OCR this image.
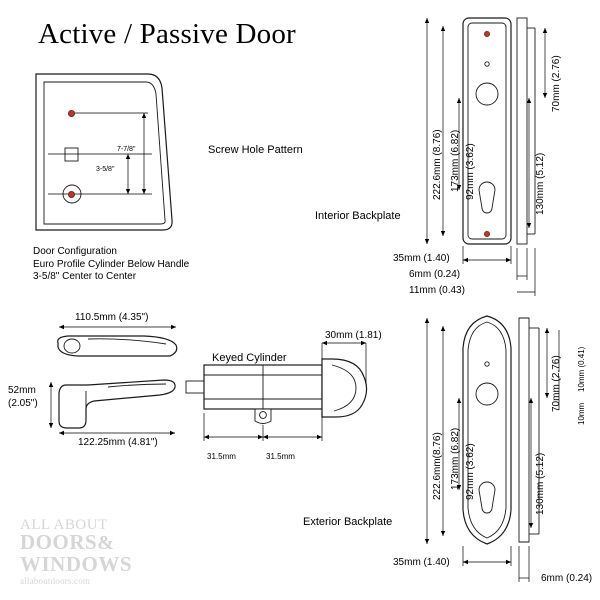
Active / Passive Door
7-7/8"
3-5/8"
Screw Hole Pattern
Door Configuration
Euro Profile Cylinder Below Handle
3-5/8" Center to Center
110.5mm (4.35")
52mm
(2.05")
122.25mm (4.81")
Keyed Cylinder
30mm (1.81)
31.5mm	31.5mm
222.6mm (8.76) 173mm (6.82) 92mm (3.62)
70mm (2.76)
130mm (5.12)
35mm (1.40)
6mm (0.24)
11mm (0.43)
Interior Backplate
222.6mm(8.76) 173mm (6.82) 92mm (3.62)
70mm (2.76)
130mm (5.12)
10mm (0.41)
10mm
35mm (1.40)
6mm (0.24)
Exterior Backplate
ALL ABOUT
DOORS&
WINDOWS
allaboutdoors.com
